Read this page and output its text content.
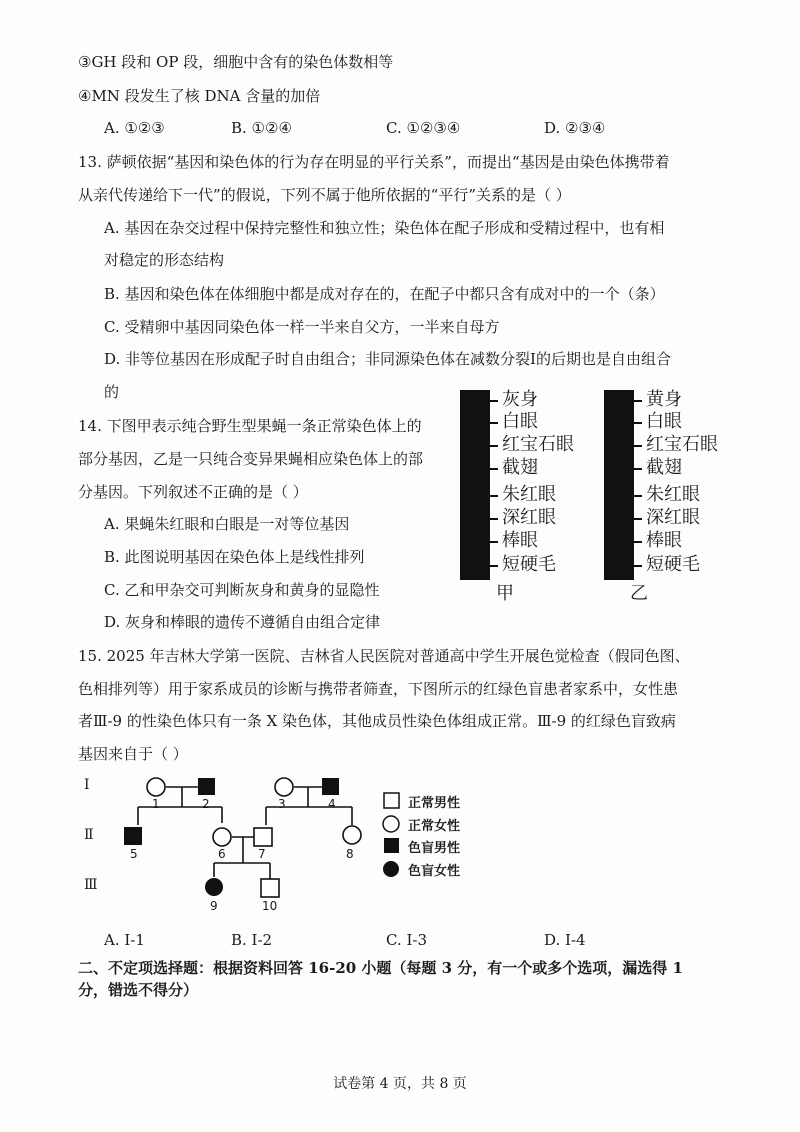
③GH 段和 OP 段，细胞中含有的染色体数相等
④MN 段发生了核 DNA 含量的加倍
A. ①②③	B. ①②④	C. ①②③④	D. ②③④
13. 萨顿依据“基因和染色体的行为存在明显的平行关系”，而提出“基因是由染色体携带着
从亲代传递给下一代”的假说，下列不属于他所依据的“平行”关系的是（ ）
A. 基因在杂交过程中保持完整性和独立性；染色体在配子形成和受精过程中，也有相
对稳定的形态结构
B. 基因和染色体在体细胞中都是成对存在的，在配子中都只含有成对中的一个（条）
C. 受精卵中基因同染色体一样一半来自父方，一半来自母方
D. 非等位基因在形成配子时自由组合；非同源染色体在减数分裂Ⅰ的后期也是自由组合
的
14. 下图甲表示纯合野生型果蝇一条正常染色体上的
部分基因，乙是一只纯合变异果蝇相应染色体上的部
分基因。下列叙述不正确的是（ ）
A. 果蝇朱红眼和白眼是一对等位基因
B. 此图说明基因在染色体上是线性排列
C. 乙和甲杂交可判断灰身和黄身的显隐性
D. 灰身和棒眼的遗传不遵循自由组合定律
灰身
白眼
红宝石眼
截翅
朱红眼
深红眼
棒眼
短硬毛
甲
黄身
白眼
红宝石眼
截翅
朱红眼
深红眼
棒眼
短硬毛
乙
15. 2025 年吉林大学第一医院、吉林省人民医院对普通高中学生开展色觉检查（假同色图、
色相排列等）用于家系成员的诊断与携带者筛查，下图所示的红绿色盲患者家系中，女性患
者Ⅲ-9 的性染色体只有一条 X 染色体，其他成员性染色体组成正常。Ⅲ-9 的红绿色盲致病
基因来自于（ ）
Ⅰ
Ⅱ
Ⅲ
1	2	3	4
5	6	7	8
9	10
正常男性
正常女性
色盲男性
色盲女性
A. Ⅰ-1	B. Ⅰ-2	C. Ⅰ-3	D. Ⅰ-4
二、不定项选择题：根据资料回答 16-20 小题（每题 3 分，有一个或多个选项，漏选得 1
分，错选不得分）
试卷第 4 页，共 8 页
